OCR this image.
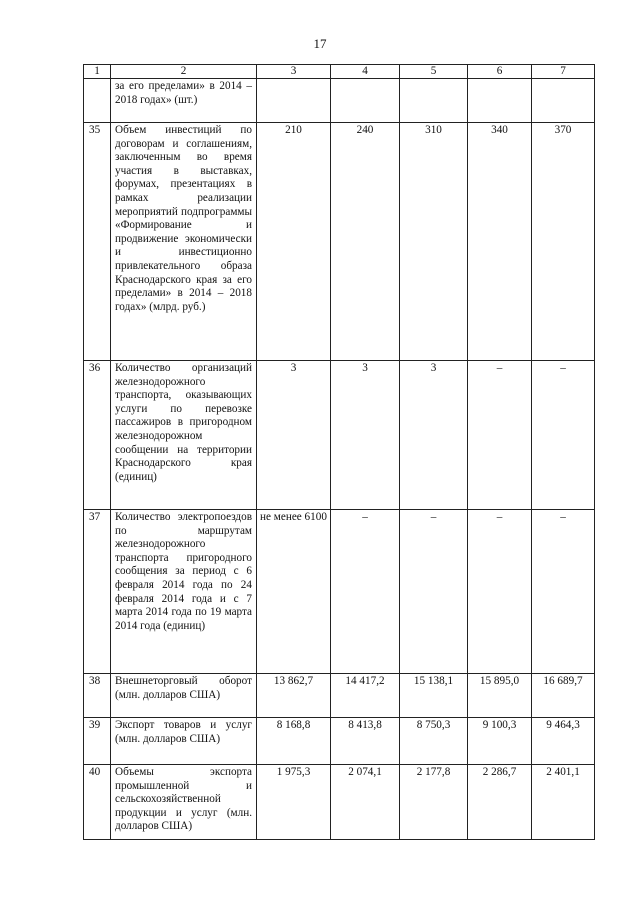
17
1	2	3	4	5	6	7
	за его пределами» в 2014 – 2018 годах» (шт.)					
35	Объем инвестиций по договорам и соглашениям, заключенным во время участия в выставках, форумах, презентациях в рамках реализации мероприятий подпрограммы «Формирование и продвижение экономически и инвестиционно привлекательного образа Краснодарского края за его пределами» в 2014 – 2018 годах» (млрд. руб.)	210	240	310	340	370
36	Количество организаций железнодорожного транспорта, оказывающих услуги по перевозке пассажиров в пригородном железнодорожном сообщении на территории Краснодарского края (единиц)	3	3	3	–	–
37	Количество электропоездов по маршрутам железнодорожного транспорта пригородного сообщения за период с 6 февраля 2014 года по 24 февраля 2014 года и с 7 марта 2014 года по 19 марта 2014 года (единиц)	не менее 6100	–	–	–	–
38	Внешнеторговый оборот (млн. долларов США)	13 862,7	14 417,2	15 138,1	15 895,0	16 689,7
39	Экспорт товаров и услуг (млн. долларов США)	8 168,8	8 413,8	8 750,3	9 100,3	9 464,3
40	Объемы экспорта промышленной и сельскохозяйственной продукции и услуг (млн. долларов США)	1 975,3	2 074,1	2 177,8	2 286,7	2 401,1
